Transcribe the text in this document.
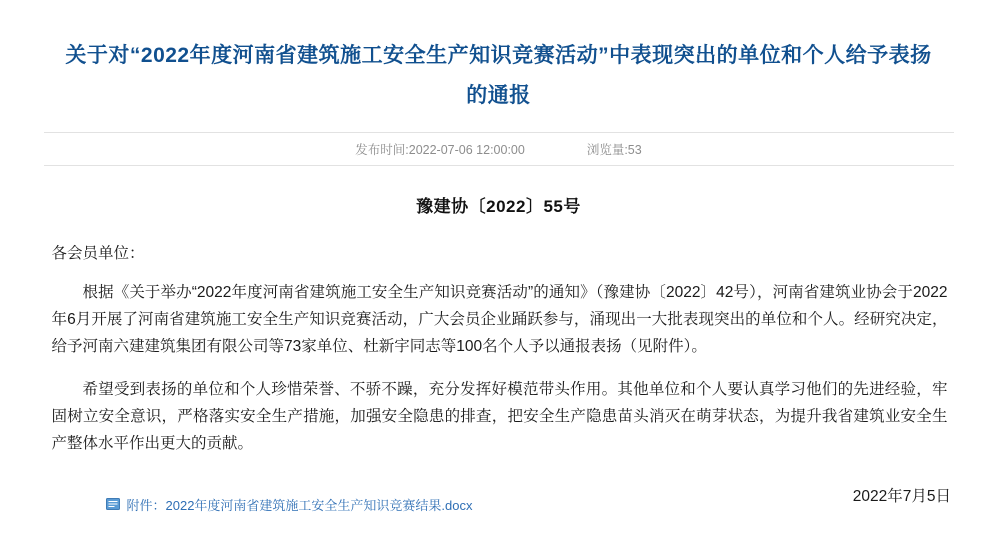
关于对“2022年度河南省建筑施工安全生产知识竞赛活动”中表现突出的单位和个人给予表扬的通报
发布时间:2022-07-06 12:00:00	浏览量:53
豫建协〔2022〕55号
各会员单位：

根据《关于举办“2022年度河南省建筑施工安全生产知识竞赛活动”的通知》（豫建协〔2022〕42号），河南省建筑业协会于2022年6月开展了河南省建筑施工安全生产知识竞赛活动，广大会员企业踊跃参与，涌现出一大批表现突出的单位和个人。经研究决定，给予河南六建建筑集团有限公司等73家单位、杜新宇同志等100名个人予以通报表扬（见附件）。

希望受到表扬的单位和个人珍惜荣誉、不骄不躁，充分发挥好模范带头作用。其他单位和个人要认真学习他们的先进经验，牢固树立安全意识，严格落实安全生产措施，加强安全隐患的排查，把安全生产隐患苗头消灭在萌芽状态，为提升我省建筑业安全生产整体水平作出更大的贡献。

附件：2022年度河南省建筑施工安全生产知识竞赛结果.docx	2022年7月5日
